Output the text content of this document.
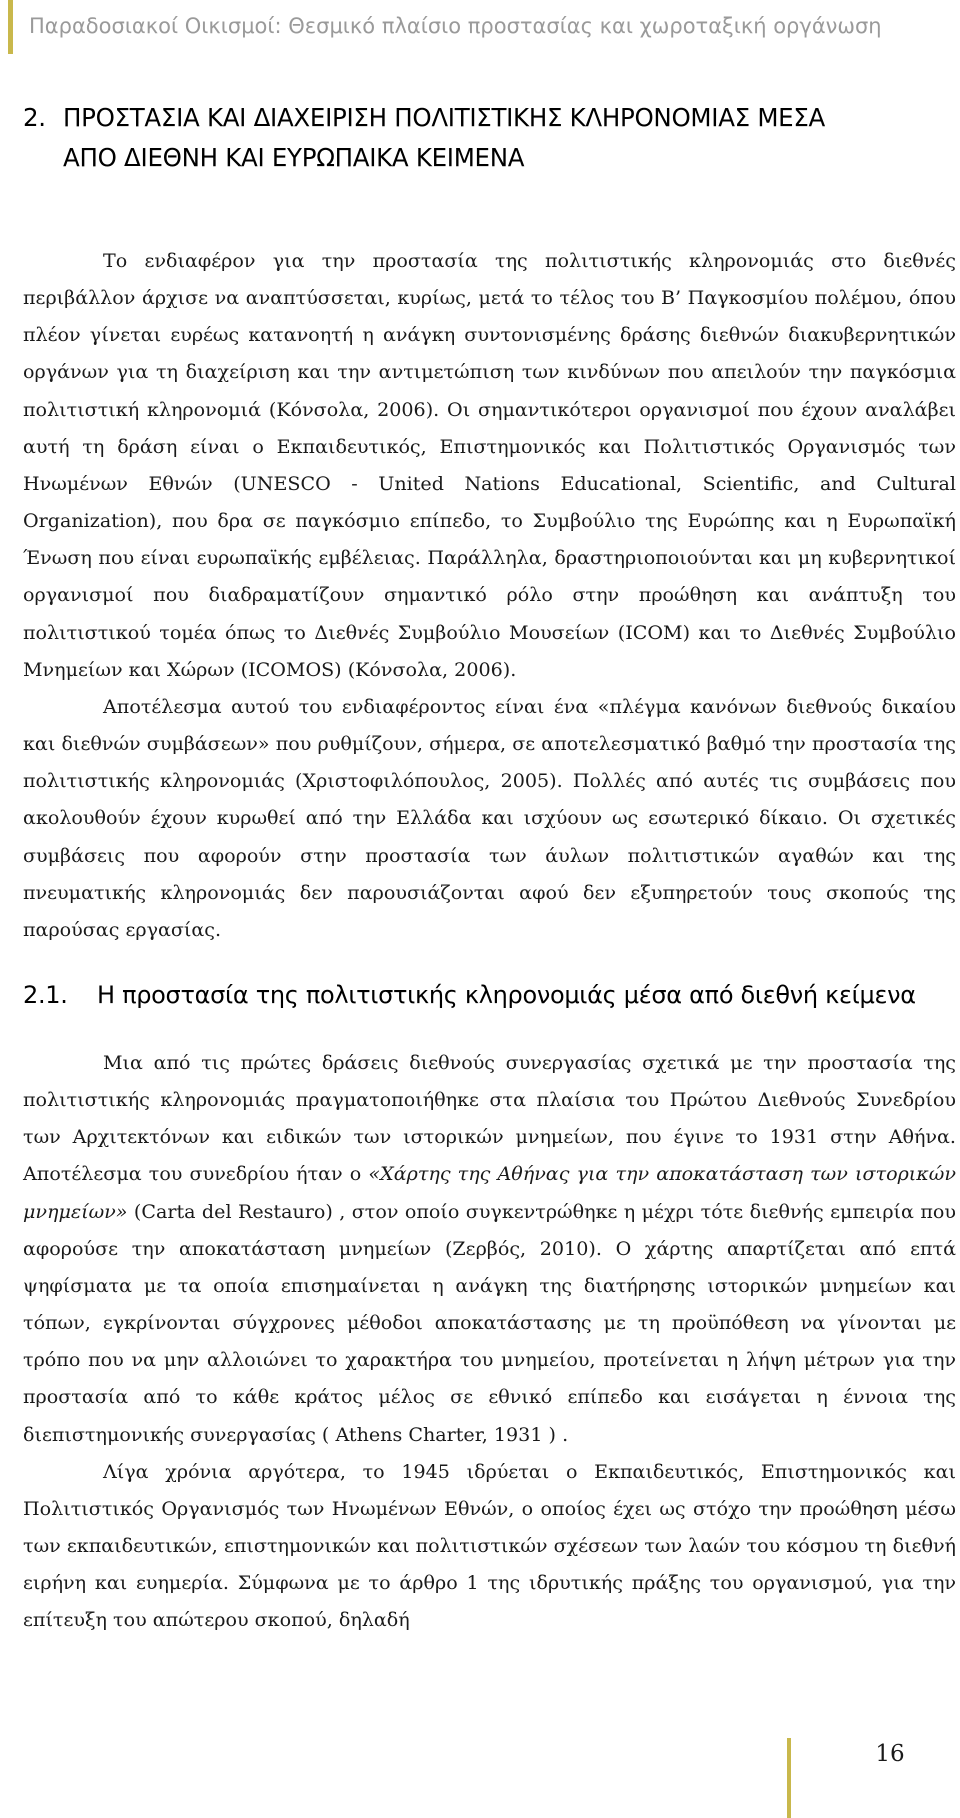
Παραδοσιακοί Οικισμοί: Θεσμικό πλαίσιο προστασίας και χωροταξική οργάνωση
2. ΠΡΟΣΤΑΣΙΑ ΚΑΙ ΔΙΑΧΕΙΡΙΣΗ ΠΟΛΙΤΙΣΤΙΚΗΣ ΚΛΗΡΟΝΟΜΙΑΣ ΜΕΣΑ
ΑΠΟ ΔΙΕΘΝΗ ΚΑΙ ΕΥΡΩΠΑΙΚΑ ΚΕΙΜΕΝΑ

Το ενδιαφέρον για την προστασία της πολιτιστικής κληρονομιάς στο διεθνές περιβάλλον άρχισε να αναπτύσσεται, κυρίως, μετά το τέλος του Β’ Παγκοσμίου πολέμου, όπου πλέον γίνεται ευρέως κατανοητή η ανάγκη συντονισμένης δράσης διεθνών διακυβερνητικών οργάνων για τη διαχείριση και την αντιμετώπιση των κινδύνων που απειλούν την παγκόσμια πολιτιστική κληρονομιά (Κόνσολα, 2006). Οι σημαντικότεροι οργανισμοί που έχουν αναλάβει αυτή τη δράση είναι ο Εκπαιδευτικός, Επιστημονικός και Πολιτιστικός Οργανισμός των Ηνωμένων Εθνών (UNESCO - United Nations Educational, Scientific, and Cultural Organization), που δρα σε παγκόσμιο επίπεδο, το Συμβούλιο της Ευρώπης και η Ευρωπαϊκή Ένωση που είναι ευρωπαϊκής εμβέλειας. Παράλληλα, δραστηριοποιούνται και μη κυβερνητικοί οργανισμοί που διαδραματίζουν σημαντικό ρόλο στην προώθηση και ανάπτυξη του πολιτιστικού τομέα όπως το Διεθνές Συμβούλιο Μουσείων (ICOM) και το Διεθνές Συμβούλιο Μνημείων και Χώρων (ICOMOS) (Κόνσολα, 2006).

Αποτέλεσμα αυτού του ενδιαφέροντος είναι ένα «πλέγμα κανόνων διεθνούς δικαίου και διεθνών συμβάσεων» που ρυθμίζουν, σήμερα, σε αποτελεσματικό βαθμό την προστασία της πολιτιστικής κληρονομιάς (Χριστοφιλόπουλος, 2005). Πολλές από αυτές τις συμβάσεις που ακολουθούν έχουν κυρωθεί από την Ελλάδα και ισχύουν ως εσωτερικό δίκαιο. Οι σχετικές συμβάσεις που αφορούν στην προστασία των άυλων πολιτιστικών αγαθών και της πνευματικής κληρονομιάς δεν παρουσιάζονται αφού δεν εξυπηρετούν τους σκοπούς της παρούσας εργασίας.

2.1. Η προστασία της πολιτιστικής κληρονομιάς μέσα από διεθνή κείμενα

Μια από τις πρώτες δράσεις διεθνούς συνεργασίας σχετικά με την προστασία της πολιτιστικής κληρονομιάς πραγματοποιήθηκε στα πλαίσια του Πρώτου Διεθνούς Συνεδρίου των Αρχιτεκτόνων και ειδικών των ιστορικών μνημείων, που έγινε το 1931 στην Αθήνα. Αποτέλεσμα του συνεδρίου ήταν ο «Χάρτης της Αθήνας για την αποκατάσταση των ιστορικών μνημείων» (Carta del Restauro) , στον οποίο συγκεντρώθηκε η μέχρι τότε διεθνής εμπειρία που αφορούσε την αποκατάσταση μνημείων (Ζερβός, 2010). Ο χάρτης απαρτίζεται από επτά ψηφίσματα με τα οποία επισημαίνεται η ανάγκη της διατήρησης ιστορικών μνημείων και τόπων, εγκρίνονται σύγχρονες μέθοδοι αποκατάστασης με τη προϋπόθεση να γίνονται με τρόπο που να μην αλλοιώνει το χαρακτήρα του μνημείου, προτείνεται η λήψη μέτρων για την προστασία από το κάθε κράτος μέλος σε εθνικό επίπεδο και εισάγεται η έννοια της διεπιστημονικής συνεργασίας ( Athens Charter, 1931 ) .

Λίγα χρόνια αργότερα, το 1945 ιδρύεται ο Εκπαιδευτικός, Επιστημονικός και Πολιτιστικός Οργανισμός των Ηνωμένων Εθνών, ο οποίος έχει ως στόχο την προώθηση μέσω των εκπαιδευτικών, επιστημονικών και πολιτιστικών σχέσεων των λαών του κόσμου τη διεθνή ειρήνη και ευημερία. Σύμφωνα με το άρθρο 1 της ιδρυτικής πράξης του οργανισμού, για την επίτευξη του απώτερου σκοπού, δηλαδή

16
